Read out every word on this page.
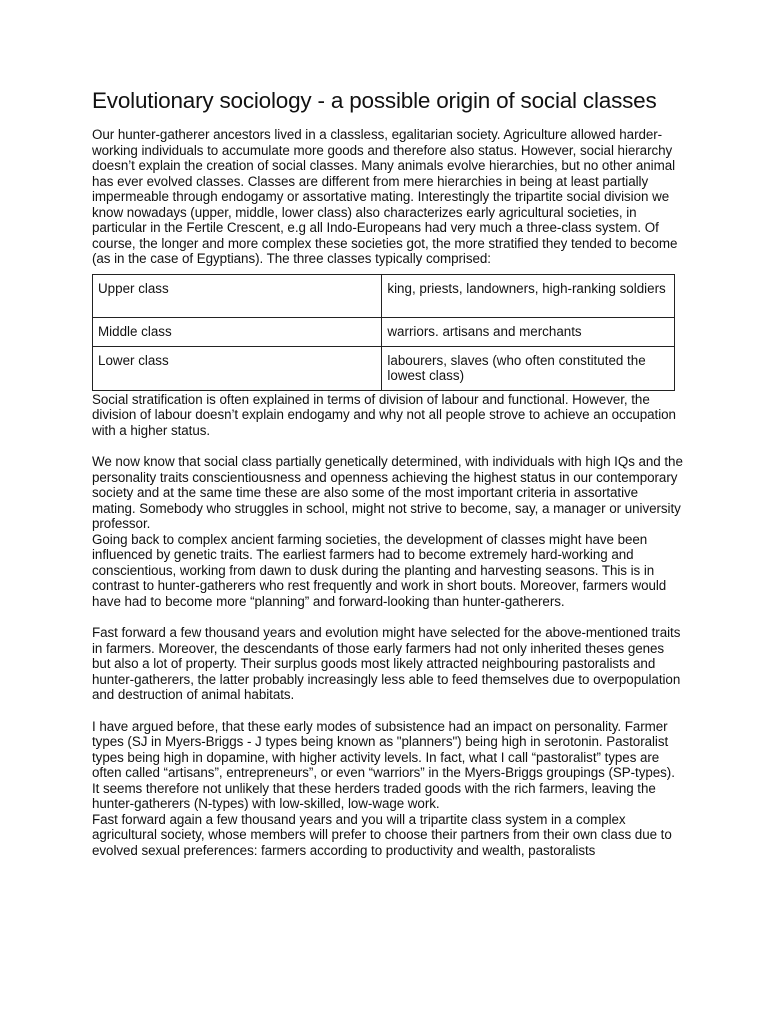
Evolutionary sociology - a possible origin of social classes

Our hunter-gatherer ancestors lived in a classless, egalitarian society. Agriculture allowed harder-working individuals to accumulate more goods and therefore also status. However, social hierarchy doesn’t explain the creation of social classes. Many animals evolve hierarchies, but no other animal has ever evolved classes. Classes are different from mere hierarchies in being at least partially impermeable through endogamy or assortative mating. Interestingly the tripartite social division we know nowadays (upper, middle, lower class) also characterizes early agricultural societies, in particular in the Fertile Crescent, e.g all Indo-Europeans had very much a three-class system. Of course, the longer and more complex these societies got, the more stratified they tended to become (as in the case of Egyptians). The three classes typically comprised:

Upper class	king, priests, landowners, high-ranking soldiers
Middle class	warriors. artisans and merchants
Lower class	labourers, slaves (who often constituted the lowest class)

Social stratification is often explained in terms of division of labour and functional. However, the division of labour doesn’t explain endogamy and why not all people strove to achieve an occupation with a higher status.

We now know that social class partially genetically determined, with individuals with high IQs and the personality traits conscientiousness and openness achieving the highest status in our contemporary society and at the same time these are also some of the most important criteria in assortative mating. Somebody who struggles in school, might not strive to become, say, a manager or university professor.

Going back to complex ancient farming societies, the development of classes might have been influenced by genetic traits. The earliest farmers had to become extremely hard-working and conscientious, working from dawn to dusk during the planting and harvesting seasons. This is in contrast to hunter-gatherers who rest frequently and work in short bouts. Moreover, farmers would have had to become more “planning” and forward-looking than hunter-gatherers.

Fast forward a few thousand years and evolution might have selected for the above-mentioned traits in farmers. Moreover, the descendants of those early farmers had not only inherited theses genes but also a lot of property. Their surplus goods most likely attracted neighbouring pastoralists and hunter-gatherers, the latter probably increasingly less able to feed themselves due to overpopulation and destruction of animal habitats.

I have argued before, that these early modes of subsistence had an impact on personality. Farmer types (SJ in Myers-Briggs - J types being known as "planners") being high in serotonin. Pastoralist types being high in dopamine, with higher activity levels. In fact, what I call “pastoralist” types are often called “artisans”, entrepreneurs”, or even “warriors” in the Myers-Briggs groupings (SP-types). It seems therefore not unlikely that these herders traded goods with the rich farmers, leaving the hunter-gatherers (N-types) with low-skilled, low-wage work.

Fast forward again a few thousand years and you will a tripartite class system in a complex agricultural society, whose members will prefer to choose their partners from their own class due to evolved sexual preferences: farmers according to productivity and wealth, pastoralists
